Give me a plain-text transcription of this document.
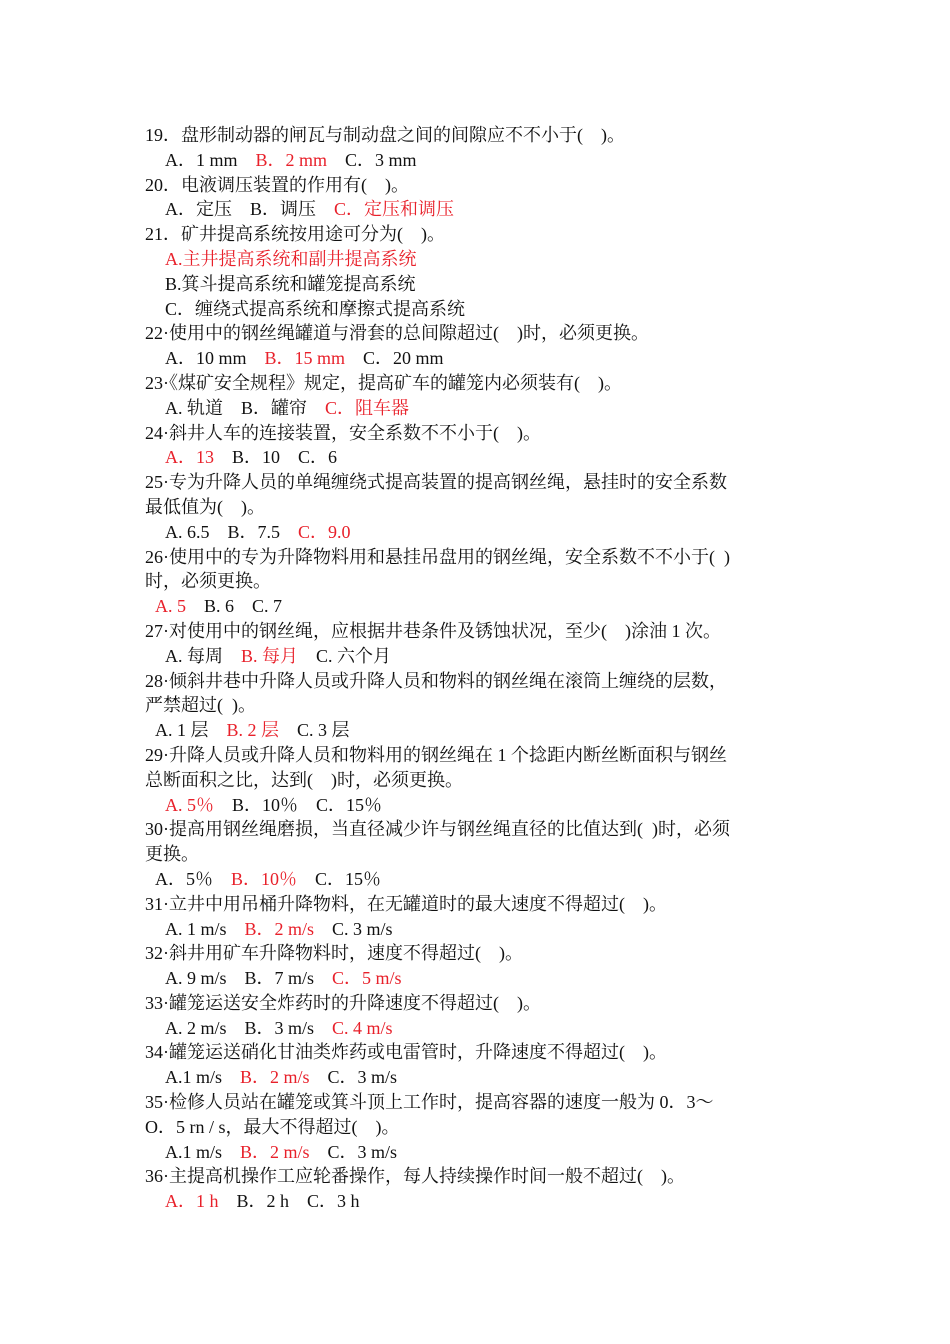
19．盘形制动器的闸瓦与制动盘之间的间隙应不不小于(　)。
A．1 mm　B．2 mm　C．3 mm
20．电液调压装置的作用有(　)。
A．定压　B．调压　C．定压和调压
21．矿井提高系统按用途可分为(　)。
A.主井提高系统和副井提高系统
B.箕斗提高系统和罐笼提高系统
C．缠绕式提高系统和摩擦式提高系统
22·使用中的钢丝绳罐道与滑套的总间隙超过(　)时，必须更换。
A．10 mm　B．15 mm　C．20 mm
23·《煤矿安全规程》规定，提高矿车的罐笼内必须装有(　)。
A. 轨道　B．罐帘　C．阻车器
24·斜井人车的连接装置，安全系数不不小于(　)。
A．13　B．10　C．6
25·专为升降人员的单绳缠绕式提高装置的提高钢丝绳，悬挂时的安全系数
最低值为(　)。
A. 6.5　B．7.5　C．9.0
26·使用中的专为升降物料用和悬挂吊盘用的钢丝绳，安全系数不不小于(  )
时，必须更换。
A. 5　B. 6　C. 7
27·对使用中的钢丝绳，应根据井巷条件及锈蚀状况，至少(　)涂油 1 次。
A. 每周　B. 每月　C. 六个月
28·倾斜井巷中升降人员或升降人员和物料的钢丝绳在滚筒上缠绕的层数，
严禁超过(  )。
A. 1 层　B. 2 层　C. 3 层
29·升降人员或升降人员和物料用的钢丝绳在 1 个捻距内断丝断面积与钢丝
总断面积之比，达到(　)时，必须更换。
A. 5％　B．10％　C．15％
30·提高用钢丝绳磨损，当直径减少许与钢丝绳直径的比值达到(  )时，必须
更换。
A．5％　B．10％　C．15％
31·立井中用吊桶升降物料，在无罐道时的最大速度不得超过(　)。
A. 1 m/s　B．2 m/s　C. 3 m/s
32·斜井用矿车升降物料时，速度不得超过(　)。
A. 9 m/s　B．7 m/s　C．5 m/s
33·罐笼运送安全炸药时的升降速度不得超过(　)。
A. 2 m/s　B．3 m/s　C. 4 m/s
34·罐笼运送硝化甘油类炸药或电雷管时，升降速度不得超过(　)。
A.1 m/s　B．2 m/s　C．3 m/s
35·检修人员站在罐笼或箕斗顶上工作时，提高容器的速度一般为 0．3～
O．5 rn / s，最大不得超过(　)。
A.1 m/s　B．2 m/s　C．3 m/s
36·主提高机操作工应轮番操作，每人持续操作时间一般不超过(　)。
A．1 h　B．2 h　C．3 h
